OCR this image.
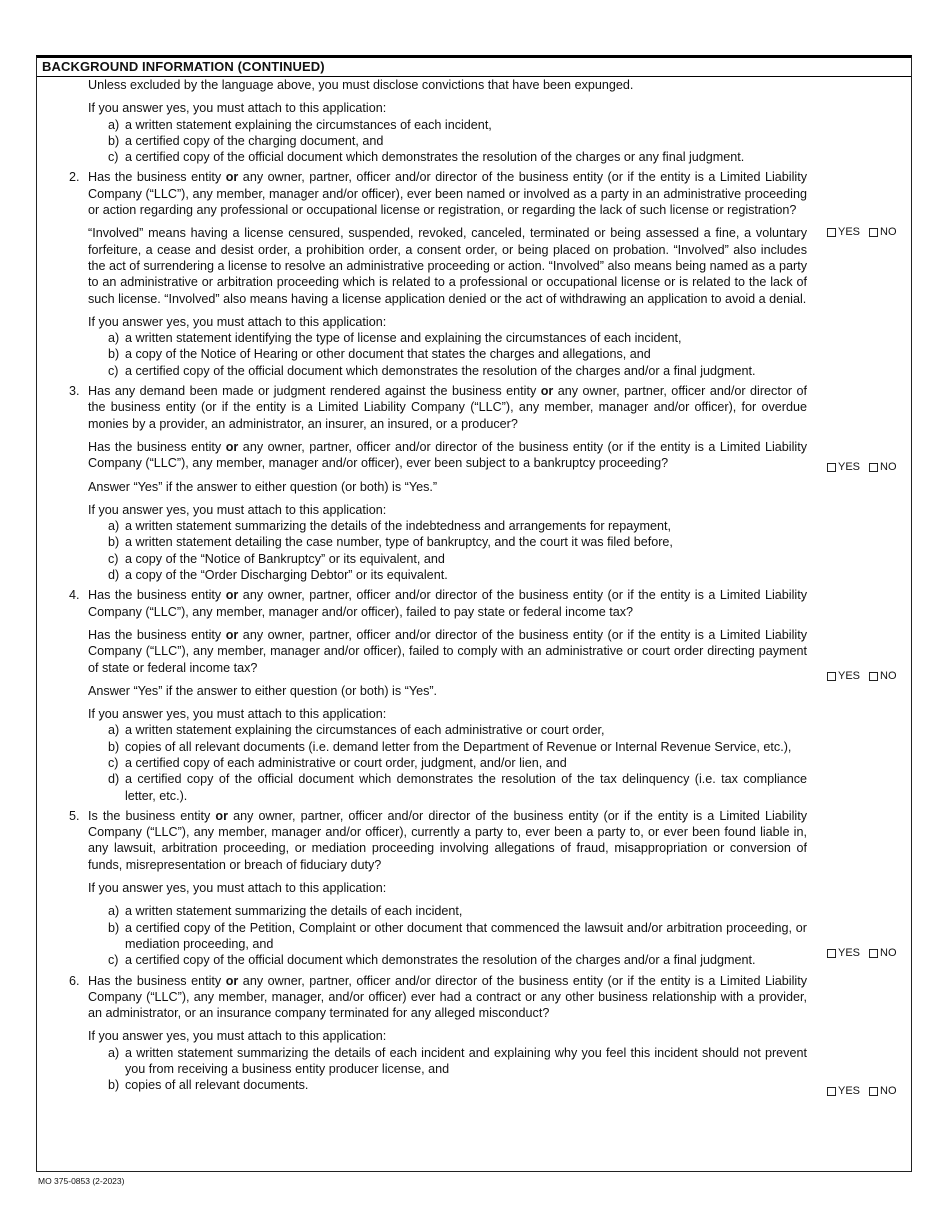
BACKGROUND INFORMATION (CONTINUED)

Unless excluded by the language above, you must disclose convictions that have been expunged.

If you answer yes, you must attach to this application:

a) a written statement explaining the circumstances of each incident,
b) a certified copy of the charging document, and
c) a certified copy of the official document which demonstrates the resolution of the charges or any final judgment.
2. Has the business entity or any owner, partner, officer and/or director of the business entity (or if the entity is a Limited Liability Company (“LLC”), any member, manager and/or officer), ever been named or involved as a party in an administrative proceeding or action regarding any professional or occupational license or registration, or regarding the lack of such license or registration?

“Involved” means having a license censured, suspended, revoked, canceled, terminated or being assessed a fine, a voluntary forfeiture, a cease and desist order, a prohibition order, a consent order, or being placed on probation. “Involved” also includes the act of surrendering a license to resolve an administrative proceeding or action. “Involved” also means being named as a party to an administrative or arbitration proceeding which is related to a professional or occupational license or is related to the lack of such license. “Involved” also means having a license application denied or the act of withdrawing an application to avoid a denial.

If you answer yes, you must attach to this application:

a) a written statement identifying the type of license and explaining the circumstances of each incident,
b) a copy of the Notice of Hearing or other document that states the charges and allegations, and
c) a certified copy of the official document which demonstrates the resolution of the charges and/or a final judgment.
3. Has any demand been made or judgment rendered against the business entity or any owner, partner, officer and/or director of the business entity (or if the entity is a Limited Liability Company (“LLC”), any member, manager and/or officer), for overdue monies by a provider, an administrator, an insurer, an insured, or a producer?

Has the business entity or any owner, partner, officer and/or director of the business entity (or if the entity is a Limited Liability Company (“LLC”), any member, manager and/or officer), ever been subject to a bankruptcy proceeding?

Answer “Yes” if the answer to either question (or both) is “Yes.”

If you answer yes, you must attach to this application:

a) a written statement summarizing the details of the indebtedness and arrangements for repayment,
b) a written statement detailing the case number, type of bankruptcy, and the court it was filed before,
c) a copy of the “Notice of Bankruptcy” or its equivalent, and
d) a copy of the “Order Discharging Debtor” or its equivalent.
4. Has the business entity or any owner, partner, officer and/or director of the business entity (or if the entity is a Limited Liability Company (“LLC”), any member, manager and/or officer), failed to pay state or federal income tax?

Has the business entity or any owner, partner, officer and/or director of the business entity (or if the entity is a Limited Liability Company (“LLC”), any member, manager and/or officer), failed to comply with an administrative or court order directing payment of state or federal income tax?

Answer “Yes” if the answer to either question (or both) is “Yes”.

If you answer yes, you must attach to this application:

a) a written statement explaining the circumstances of each administrative or court order,
b) copies of all relevant documents (i.e. demand letter from the Department of Revenue or Internal Revenue Service, etc.),
c) a certified copy of each administrative or court order, judgment, and/or lien, and
d) a certified copy of the official document which demonstrates the resolution of the tax delinquency (i.e. tax compliance letter, etc.).
5. Is the business entity or any owner, partner, officer and/or director of the business entity (or if the entity is a Limited Liability Company (“LLC”), any member, manager and/or officer), currently a party to, ever been a party to, or ever been found liable in, any lawsuit, arbitration proceeding, or mediation proceeding involving allegations of fraud, misappropriation or conversion of funds, misrepresentation or breach of fiduciary duty?

If you answer yes, you must attach to this application:

a) a written statement summarizing the details of each incident,
b) a certified copy of the Petition, Complaint or other document that commenced the lawsuit and/or arbitration proceeding, or mediation proceeding, and
c) a certified copy of the official document which demonstrates the resolution of the charges and/or a final judgment.
6. Has the business entity or any owner, partner, officer and/or director of the business entity (or if the entity is a Limited Liability Company (“LLC”), any member, manager, and/or officer) ever had a contract or any other business relationship with a provider, an administrator, or an insurance company terminated for any alleged misconduct?

If you answer yes, you must attach to this application:

a) a written statement summarizing the details of each incident and explaining why you feel this incident should not prevent you from receiving a business entity producer license, and
b) copies of all relevant documents.
YES NO
YES NO
YES NO
YES NO
YES NO
MO 375-0853 (2-2023)
